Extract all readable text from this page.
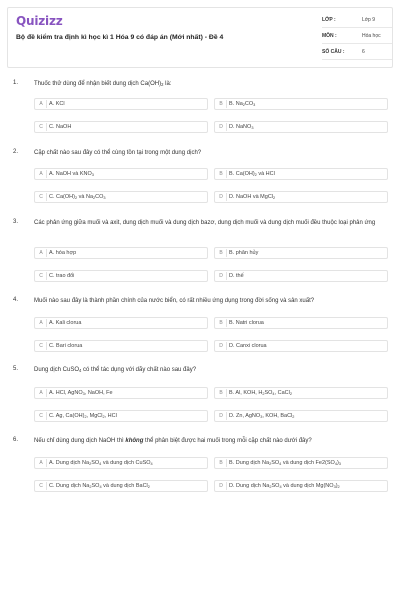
Quizizz
Bộ đề kiểm tra định kì học kì 1 Hóa 9 có đáp án (Mới nhất) - Đề 4
LỚP :	Lớp 9
MÔN :	Hóa học
SỐ CÂU :	6
1.	Thuốc thử dùng để nhận biết dung dịch $Ca(OH)_2$ là:
A	A. KCl	B	B. $Na_2CO_3$
C	C. NaOH	D	D. NaNO$_3$
2.	Cặp chất nào sau đây có thể cùng tồn tại trong một dung dịch?
A	A. NaOH và $KNO_3$	B	B. $Ca(OH)_2$ và HCl
C	C. $Ca(OH)_2$ và $Na_2CO_3$	D	D. NaOH và MgCl$_2$
3.	Các phản ứng giữa muối và axit, dung dịch muối và dung dịch bazơ, dung dịch muối và dung dịch muối đều thuộc loại phản ứng
A	A. hóa hợp	B	B. phân hủy
C	C. trao đổi	D	D. thế
4.	Muối nào sau đây là thành phần chính của nước biển, có rất nhiều ứng dụng trong đời sống và sản xuất?
A	A. Kali clorua	B	B. Natri clorua
C	C. Bari clorua	D	D. Canxi clorua
5.	Dung dịch CuSO$_4$ có thể tác dụng với dãy chất nào sau đây?
A	A. HCl, AgNO$_3$, NaOH, Fe	B	B. Al, KOH, $H_2SO_4$, CaCl$_2$
C	C. Ag, $Ca(OH)_2$, MgCl$_2$, HCl	D	D. Zn, AgNO$_3$, KOH, BaCl$_2$
6.	Nếu chỉ dùng dung dịch NaOH thì không thể phân biệt được hai muối trong mỗi cặp chất nào dưới đây?
A	A. Dung dịch $Na_2SO_4$ và dung dịch CuSO$_4$	B	B. Dung dịch $Na_2SO_4$ và dung dịch $Fe2(SO_4)_3$
C	C. Dung dịch $Na_2SO_4$ và dung dịch BaCl$_2$	D	D. Dung dịch $Na_2SO_4$ và dung dịch $Mg(NO_3)_2$
